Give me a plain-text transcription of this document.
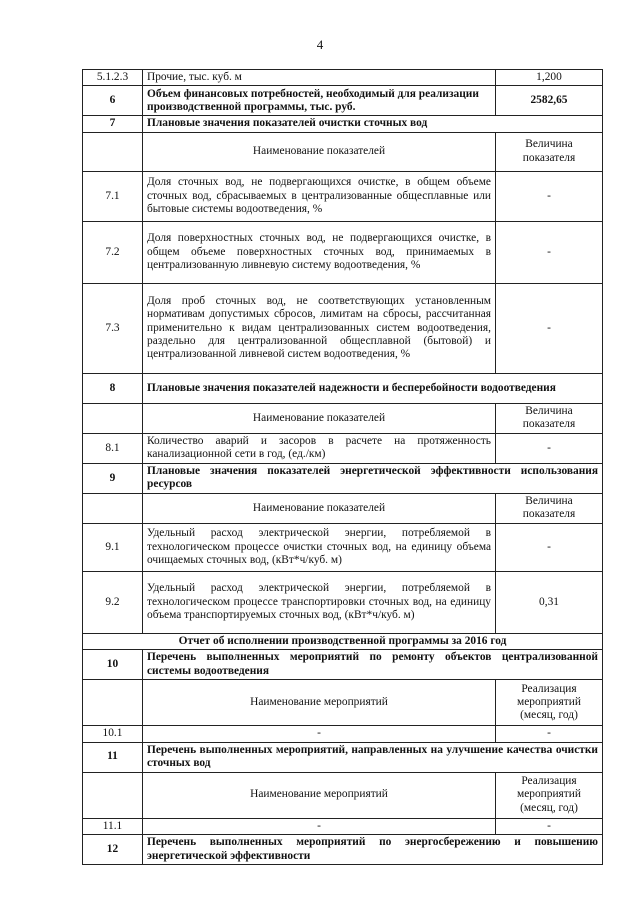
4
5.1.2.3	Прочие, тыс. куб. м	1,200
6	Объем финансовых потребностей, необходимый для реализации производственной программы, тыс. руб.	2582,65
7	Плановые значения показателей очистки сточных вод	
	Наименование показателей	Величина показателя
7.1	Доля сточных вод, не подвергающихся очистке, в общем объеме сточных вод, сбрасываемых в централизованные общесплавные или бытовые системы водоотведения, %	-
7.2	Доля поверхностных сточных вод, не подвергающихся очистке, в общем объеме поверхностных сточных вод, принимаемых в централизованную ливневую систему водоотведения, %	-
7.3	Доля проб сточных вод, не соответствующих установленным нормативам допустимых сбросов, лимитам на сбросы, рассчитанная применительно к видам централизованных систем водоотведения, раздельно для централизованной общесплавной (бытовой) и централизованной ливневой систем водоотведения, %	-
8	Плановые значения показателей надежности и бесперебойности водоотведения	
	Наименование показателей	Величина показателя
8.1	Количество аварий и засоров в расчете на протяженность канализационной сети в год, (ед./км)	-
9	Плановые значения показателей энергетической эффективности использования ресурсов	
	Наименование показателей	Величина показателя
9.1	Удельный расход электрической энергии, потребляемой в технологическом процессе очистки сточных вод, на единицу объема очищаемых сточных вод, (кВт*ч/куб. м)	-
9.2	Удельный расход электрической энергии, потребляемой в технологическом процессе транспортировки сточных вод, на единицу объема транспортируемых сточных вод, (кВт*ч/куб. м)	0,31
Отчет об исполнении производственной программы за 2016 год		
10	Перечень выполненных мероприятий по ремонту объектов централизованной системы водоотведения	
	Наименование мероприятий	Реализация мероприятий (месяц, год)
10.1	-	-
11	Перечень выполненных мероприятий, направленных на улучшение качества очистки сточных вод	
	Наименование мероприятий	Реализация мероприятий (месяц, год)
11.1	-	-
12	Перечень выполненных мероприятий по энергосбережению и повышению энергетической эффективности	
